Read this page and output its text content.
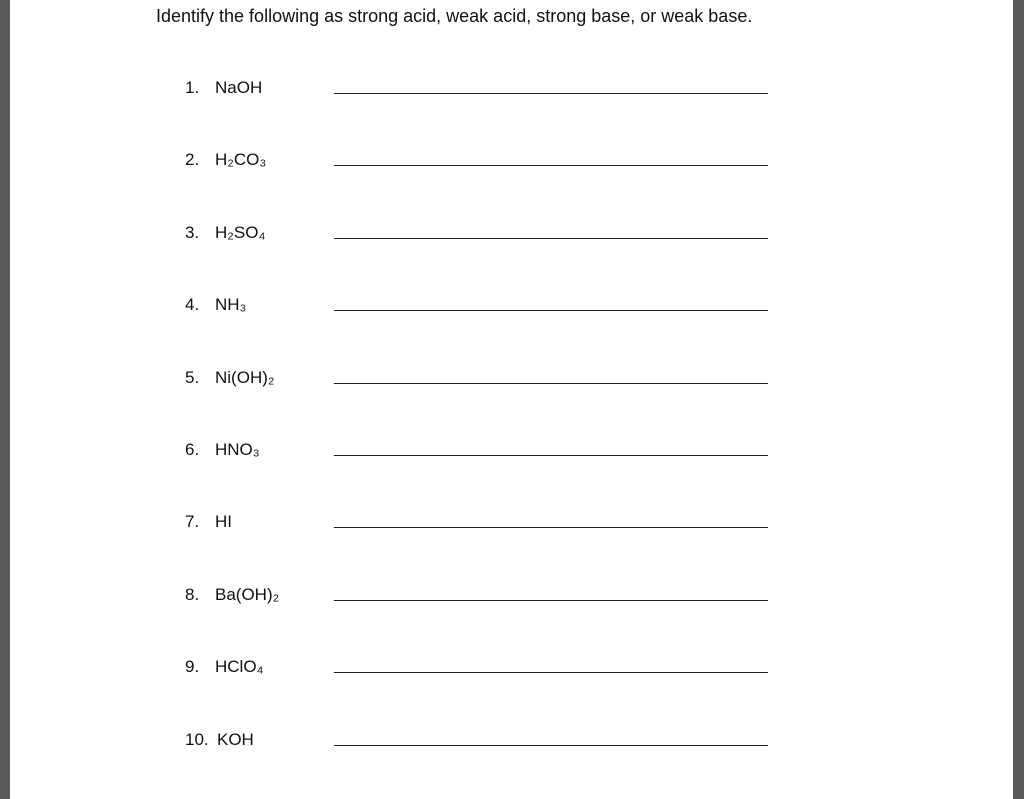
Identify the following as strong acid, weak acid, strong base, or weak base.

1. NaOH
2. H₂CO₃
3. H₂SO₄
4. NH₃
5. Ni(OH)₂
6. HNO₃
7. HI
8. Ba(OH)₂
9. HClO₄
10. KOH
